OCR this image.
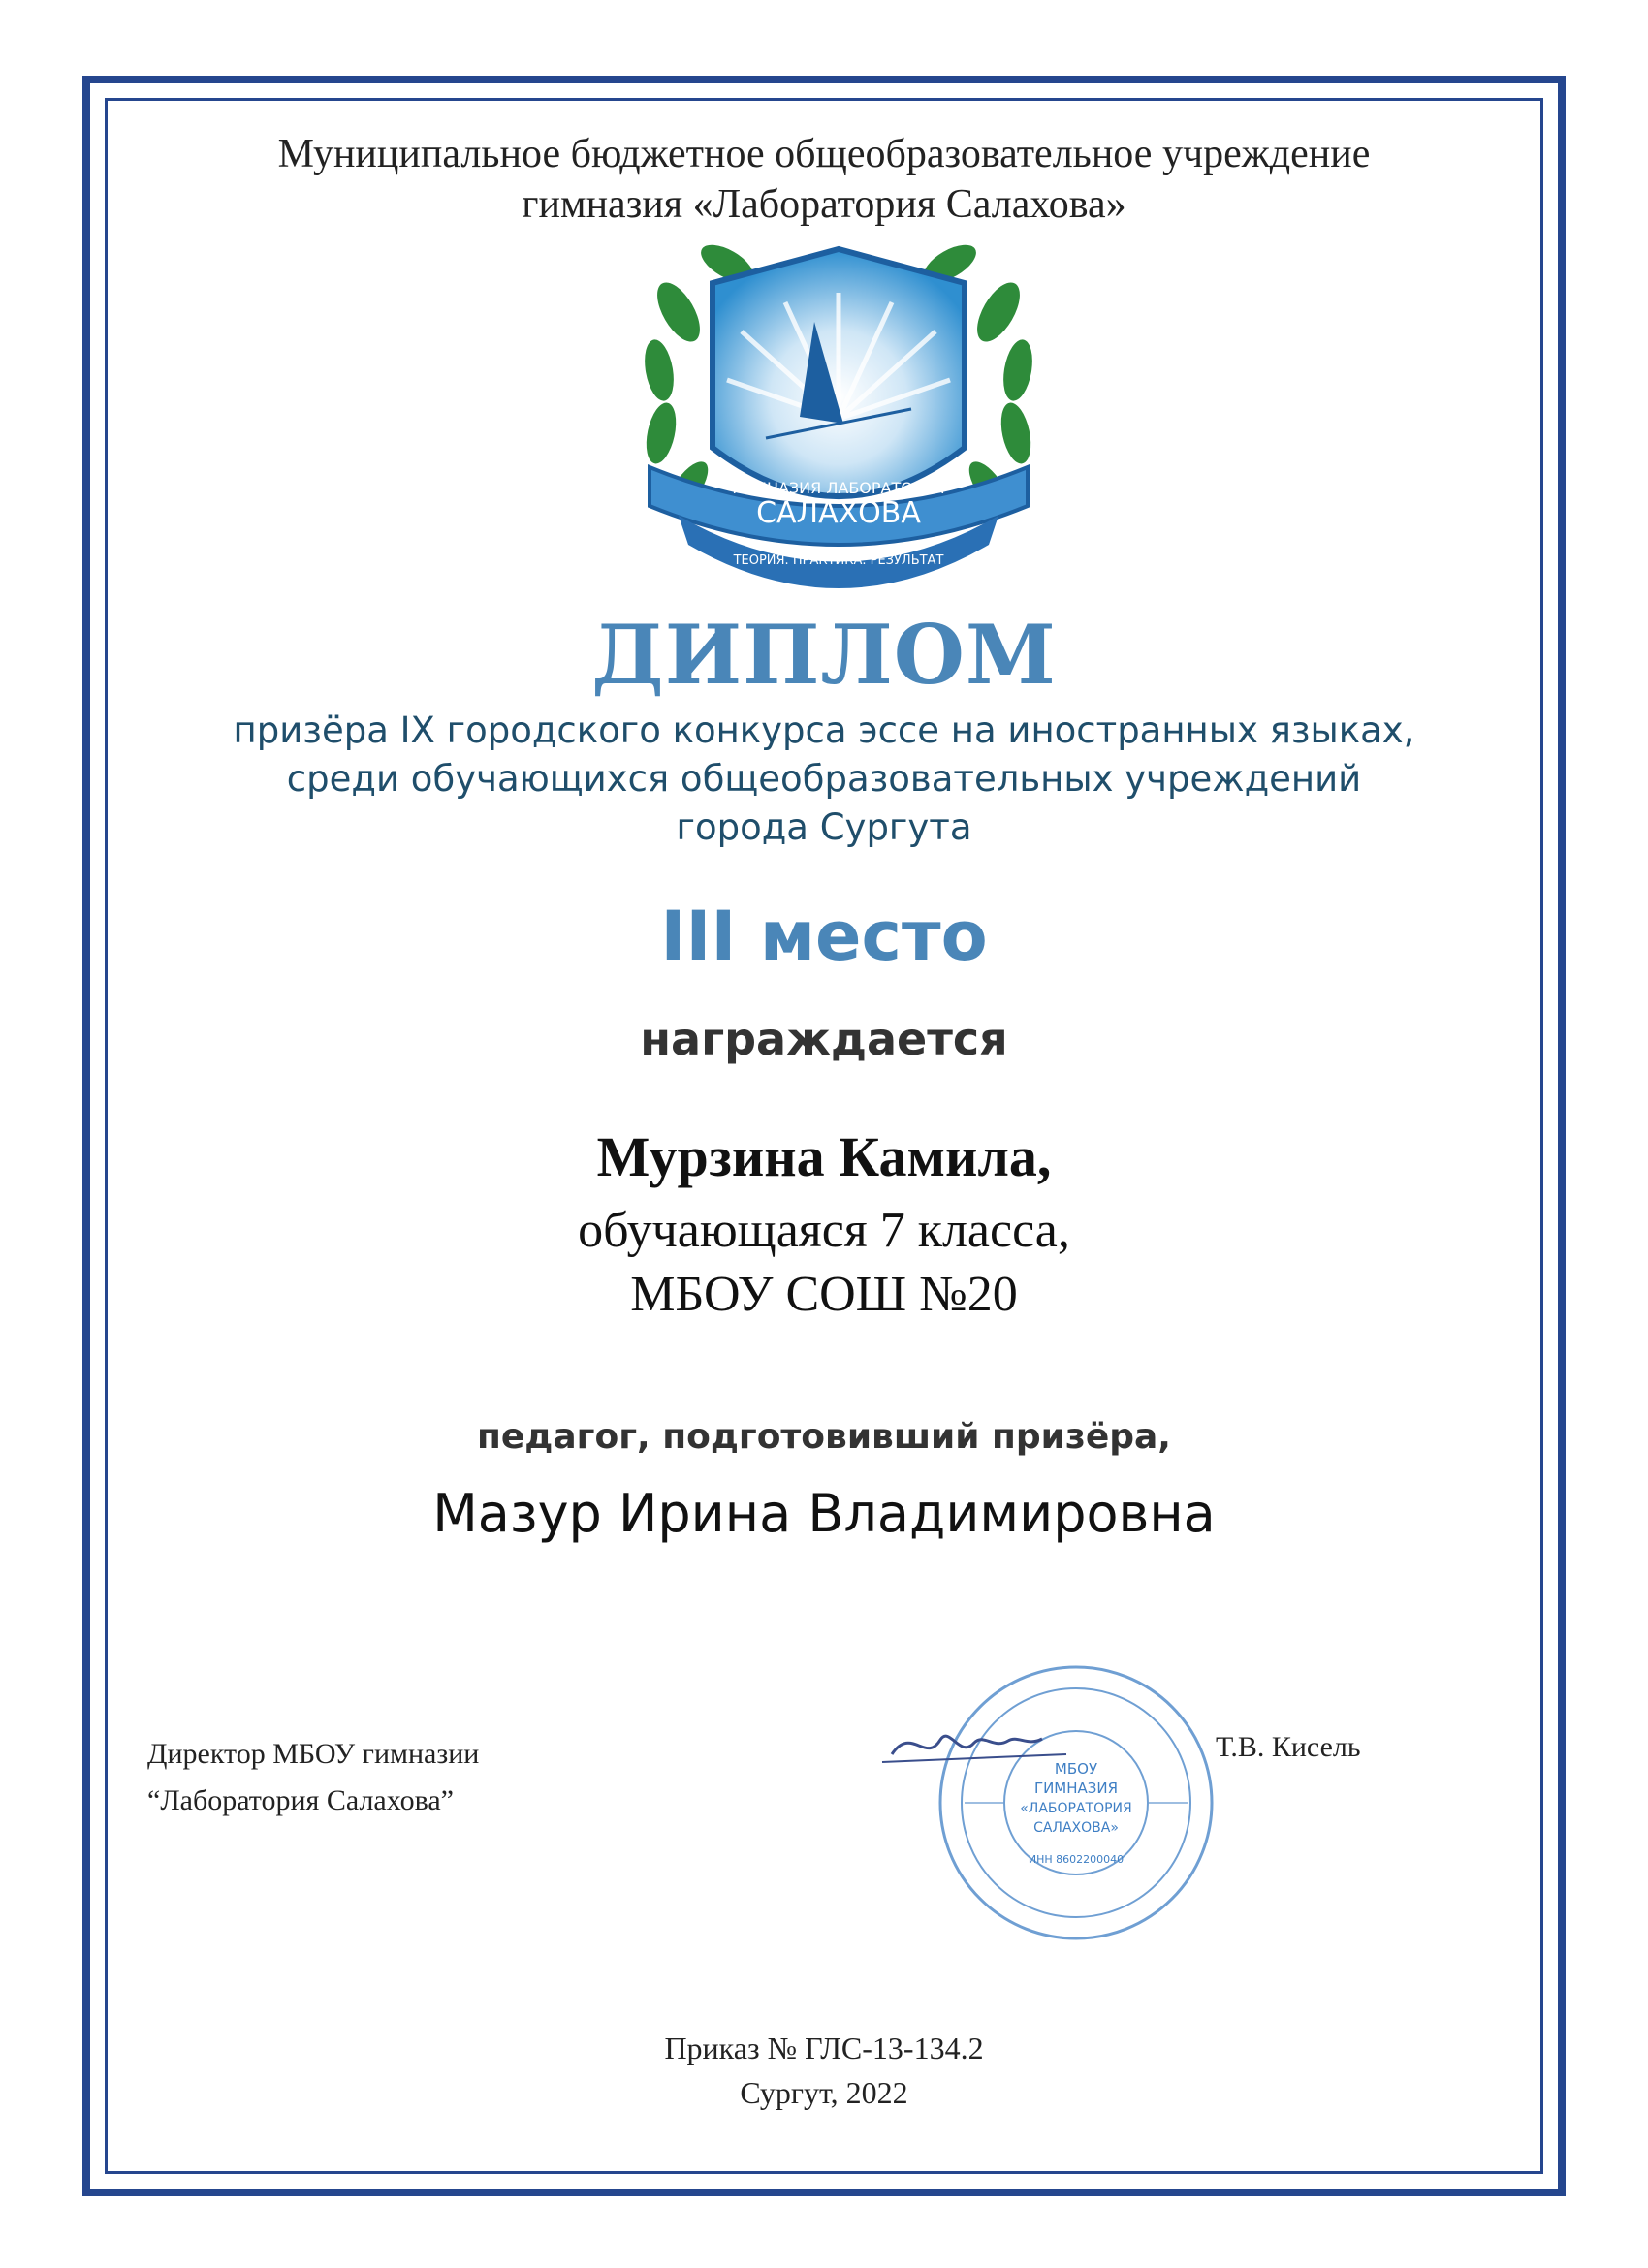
Муниципальное бюджетное общеобразовательное учреждение

гимназия «Лаборатория Салахова»

ГИМНАЗИЯ ЛАБОРАТОРИЯ
САЛАХОВА
ТЕОРИЯ. ПРАКТИКА. РЕЗУЛЬТАТ

ДИПЛОМ

призёра IX городского конкурса эссе на иностранных языках,

среди обучающихся общеобразовательных учреждений

города Сургута

III место

награждается

Мурзина Камила,

обучающаяся 7 класса,

МБОУ СОШ №20

педагог, подготовивший призёра,

Мазур Ирина Владимировна

Директор МБОУ гимназии
“Лаборатория Салахова”
МБОУ
ГИМНАЗИЯ
«ЛАБОРАТОРИЯ
САЛАХОВА»
ИНН 8602200040
Т.В. Кисель
Приказ № ГЛС-13-134.2
Сургут, 2022
